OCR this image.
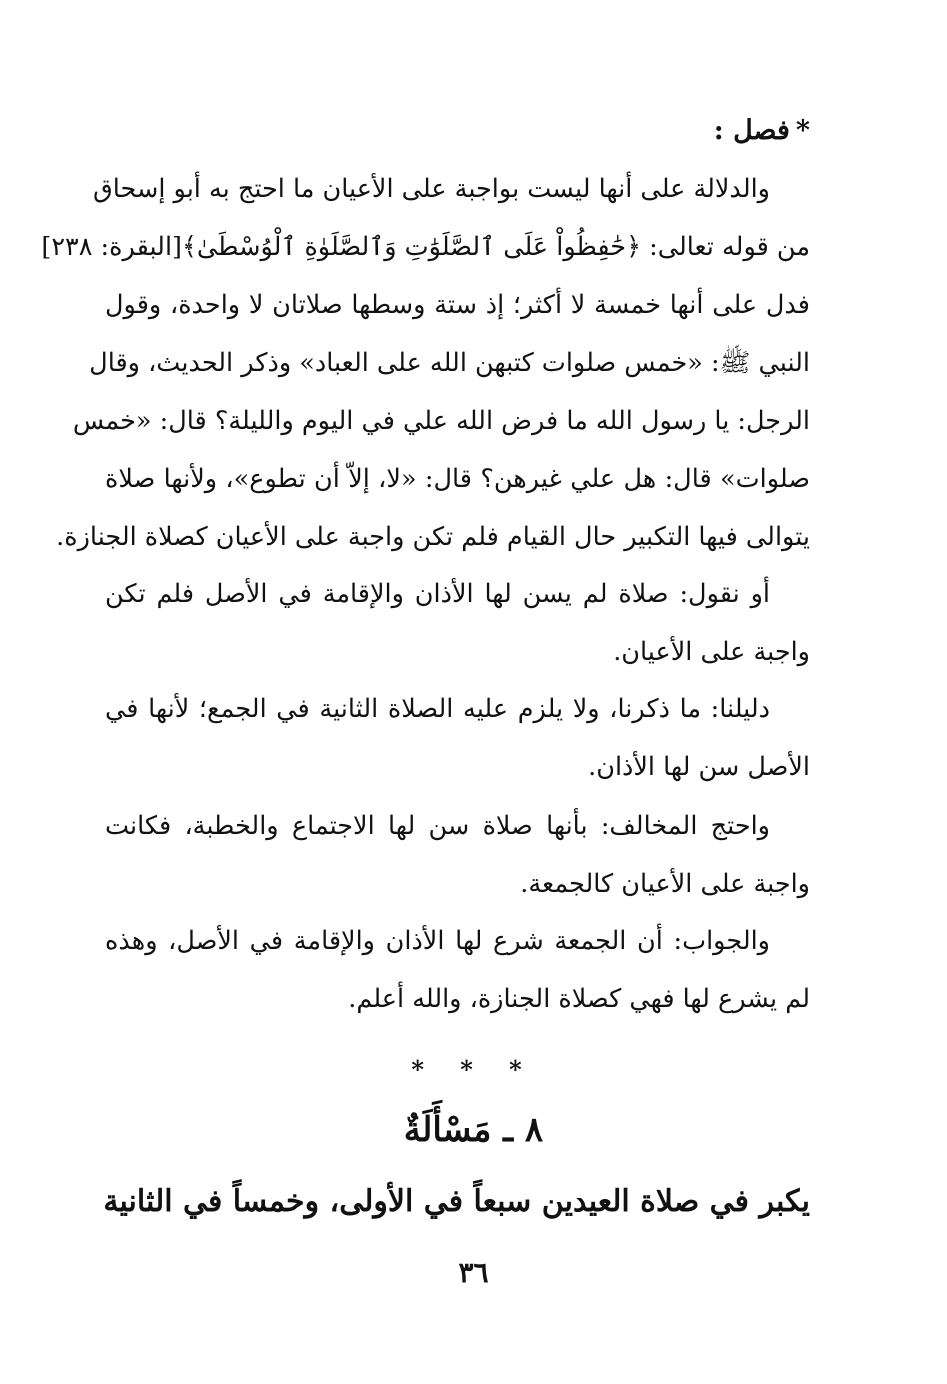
*فصل :
والدلالة على أنها ليست بواجبة على الأعيان ما احتج به أبو إسحاق
من قوله تعالى: ﴿حَٰفِظُواْ عَلَى ٱلصَّلَوَٰتِ وَٱلصَّلَوٰةِ ٱلْوُسْطَىٰ﴾[البقرة: ٢٣٨]
فدل على أنها خمسة لا أكثر؛ إذ ستة وسطها صلاتان لا واحدة، وقول
النبي ﷺ: «خمس صلوات كتبهن الله على العباد» وذكر الحديث، وقال
الرجل: يا رسول الله ما فرض الله علي في اليوم والليلة؟ قال: «خمس
صلوات» قال: هل علي غيرهن؟ قال: «لا، إلاّ أن تطوع»، ولأنها صلاة
يتوالى فيها التكبير حال القيام فلم تكن واجبة على الأعيان كصلاة الجنازة.
أو نقول: صلاة لم يسن لها الأذان والإقامة في الأصل فلم تكن
واجبة على الأعيان.
دليلنا: ما ذكرنا، ولا يلزم عليه الصلاة الثانية في الجمع؛ لأنها في
الأصل سن لها الأذان.
واحتج المخالف: بأنها صلاة سن لها الاجتماع والخطبة، فكانت
واجبة على الأعيان كالجمعة.
والجواب: أن الجمعة شرع لها الأذان والإقامة في الأصل، وهذه
لم يشرع لها فهي كصلاة الجنازة، والله أعلم.
* * *
٨ ـ مَسْأَلَةٌ
يكبر في صلاة العيدين سبعاً في الأولى، وخمساً في الثانية
٣٦
